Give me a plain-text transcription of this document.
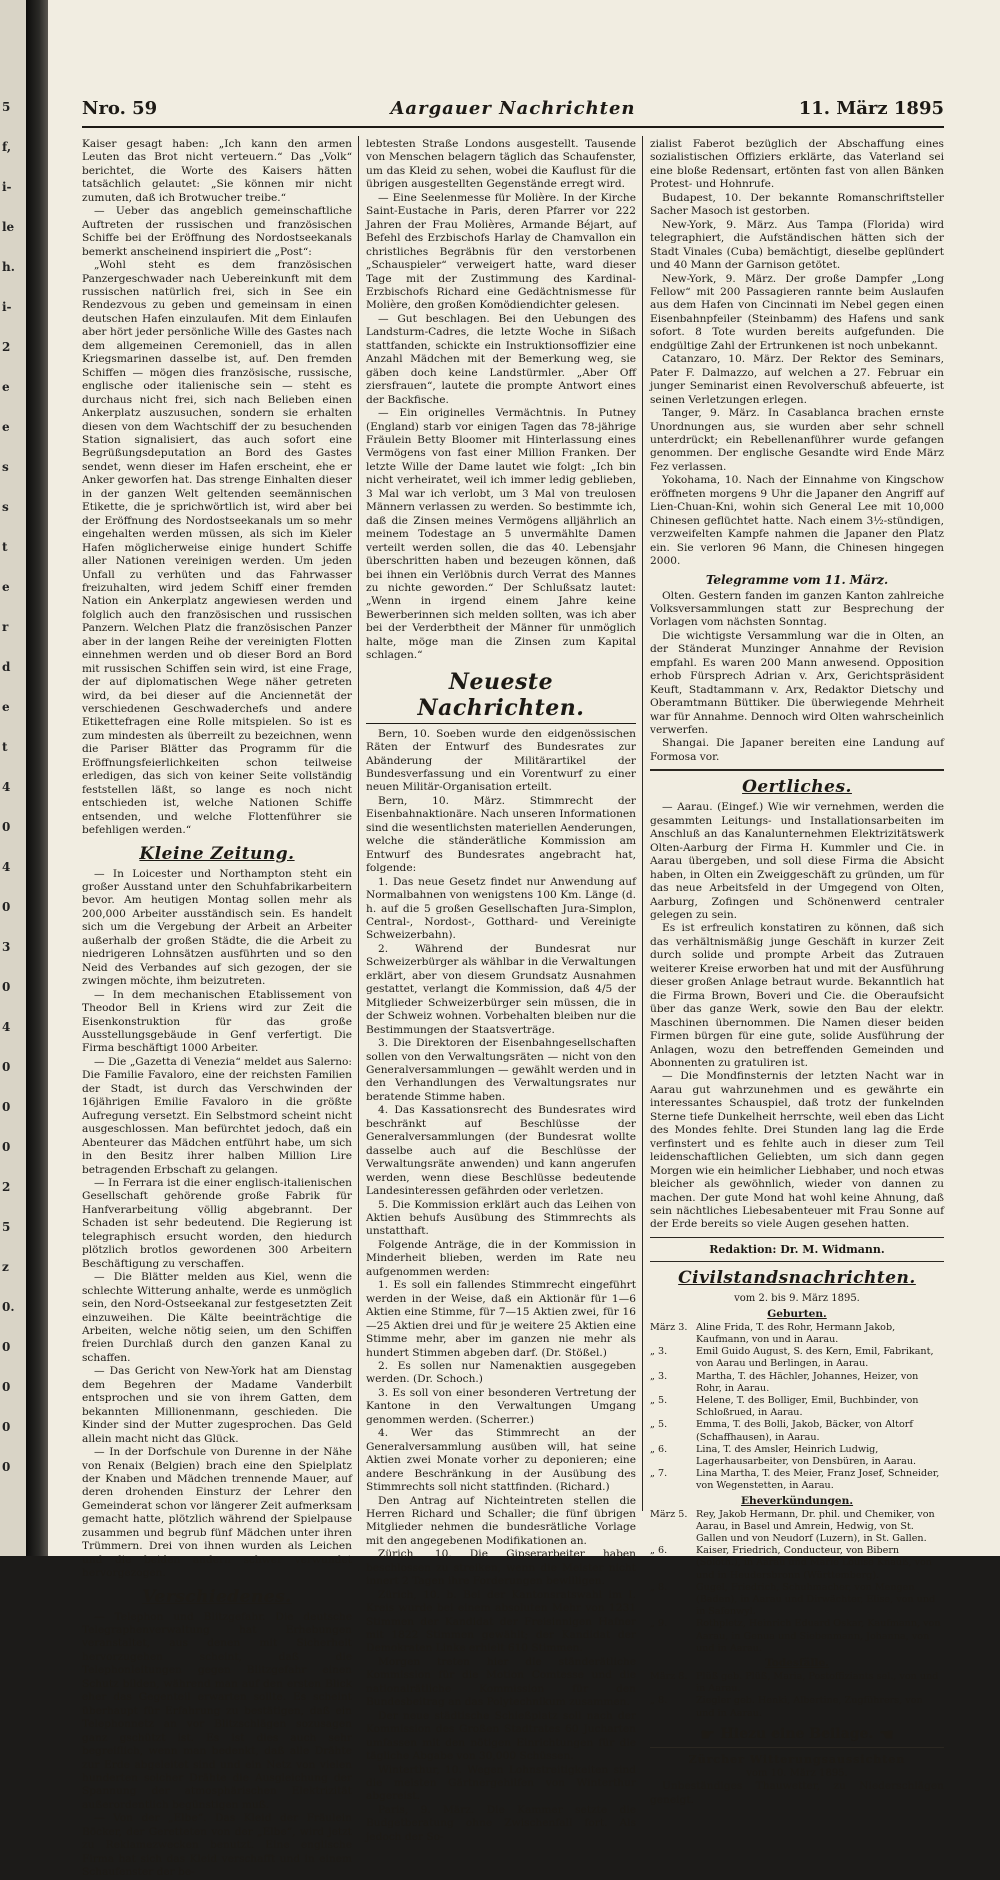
5
f,
i-
le
h.
i-
2
e
e
s
s
t
e
r
d
e
t
4
0
4
0
3
0
4
0
0
0
2
5
z
0.
0
0
0
0
Nro. 59	Aargauer Nachrichten	11. März 1895

Kaiser gesagt haben: „Ich kann den armen Leuten das Brot nicht verteuern.“ Das „Volk“ berichtet, die Worte des Kaisers hätten tatsächlich gelautet: „Sie können mir nicht zumuten, daß ich Brotwucher treibe.“

— Ueber das angeblich gemeinschaftliche Auftreten der russischen und französischen Schiffe bei der Eröffnung des Nordostseekanals bemerkt anscheinend inspiriert die „Post“:

„Wohl steht es dem französischen Panzergeschwader nach Uebereinkunft mit dem russischen natürlich frei, sich in See ein Rendezvous zu geben und gemeinsam in einen deutschen Hafen einzulaufen. Mit dem Einlaufen aber hört jeder persönliche Wille des Gastes nach dem allgemeinen Ceremoniell, das in allen Kriegsmarinen dasselbe ist, auf. Den fremden Schiffen — mögen dies französische, russische, englische oder italienische sein — steht es durchaus nicht frei, sich nach Belieben einen Ankerplatz auszusuchen, sondern sie erhalten diesen von dem Wachtschiff der zu besuchenden Station signalisiert, das auch sofort eine Begrüßungsdeputation an Bord des Gastes sendet, wenn dieser im Hafen erscheint, ehe er Anker geworfen hat. Das strenge Einhalten dieser in der ganzen Welt geltenden seemännischen Etikette, die je sprichwörtlich ist, wird aber bei der Eröffnung des Nordostseekanals um so mehr eingehalten werden müssen, als sich im Kieler Hafen möglicherweise einige hundert Schiffe aller Nationen vereinigen werden. Um jeden Unfall zu verhüten und das Fahrwasser freizuhalten, wird jedem Schiff einer fremden Nation ein Ankerplatz angewiesen werden und folglich auch den französischen und russischen Panzern. Welchen Platz die französischen Panzer aber in der langen Reihe der vereinigten Flotten einnehmen werden und ob dieser Bord an Bord mit russischen Schiffen sein wird, ist eine Frage, der auf diplomatischen Wege näher getreten wird, da bei dieser auf die Anciennetät der verschiedenen Geschwaderchefs und andere Etikettefragen eine Rolle mitspielen. So ist es zum mindesten als überreilt zu bezeichnen, wenn die Pariser Blätter das Programm für die Eröffnungsfeierlichkeiten schon teilweise erledigen, das sich von keiner Seite vollständig feststellen läßt, so lange es noch nicht entschieden ist, welche Nationen Schiffe entsenden, und welche Flottenführer sie befehligen werden.“

Kleine Zeitung.

— In Loicester und Northampton steht ein großer Ausstand unter den Schuhfabrikarbeitern bevor. Am heutigen Montag sollen mehr als 200,000 Arbeiter ausständisch sein. Es handelt sich um die Vergebung der Arbeit an Arbeiter außerhalb der großen Städte, die die Arbeit zu niedrigeren Lohnsätzen ausführten und so den Neid des Verbandes auf sich gezogen, der sie zwingen möchte, ihm beizutreten.

— In dem mechanischen Etablissement von Theodor Bell in Kriens wird zur Zeit die Eisenkonstruktion für das große Ausstellungsgebäude in Genf verfertigt. Die Firma beschäftigt 1000 Arbeiter.

— Die „Gazetta di Venezia“ meldet aus Salerno: Die Familie Favaloro, eine der reichsten Familien der Stadt, ist durch das Verschwinden der 16jährigen Emilie Favaloro in die größte Aufregung versetzt. Ein Selbstmord scheint nicht ausgeschlossen. Man befürchtet jedoch, daß ein Abenteurer das Mädchen entführt habe, um sich in den Besitz ihrer halben Million Lire betragenden Erbschaft zu gelangen.

— In Ferrara ist die einer englisch-italienischen Gesellschaft gehörende große Fabrik für Hanfverarbeitung völlig abgebrannt. Der Schaden ist sehr bedeutend. Die Regierung ist telegraphisch ersucht worden, den hiedurch plötzlich brotlos gewordenen 300 Arbeitern Beschäftigung zu verschaffen.

— Die Blätter melden aus Kiel, wenn die schlechte Witterung anhalte, werde es unmöglich sein, den Nord-Ostseekanal zur festgesetzten Zeit einzuweihen. Die Kälte beeinträchtige die Arbeiten, welche nötig seien, um den Schiffen freien Durchlaß durch den ganzen Kanal zu schaffen.

— Das Gericht von New-York hat am Dienstag dem Begehren der Madame Vanderbilt entsprochen und sie von ihrem Gatten, dem bekannten Millionenmann, geschieden. Die Kinder sind der Mutter zugesprochen. Das Geld allein macht nicht das Glück.

— In der Dorfschule von Durenne in der Nähe von Renaix (Belgien) brach eine den Spielplatz der Knaben und Mädchen trennende Mauer, auf deren drohenden Einsturz der Lehrer den Gemeinderat schon vor längerer Zeit aufmerksam gemacht hatte, plötzlich während der Spielpause zusammen und begrub fünf Mädchen unter ihren Trümmern. Drei von ihnen wurden als Leichen und die beiden andern schwer verwundet hervorgezogen.

Verschiedenes.

— Telephon und Blitzgefahr. Die deutsche Telegraphenverwaltung hat Erhebungen veranstaltet, aus denen mit Sicherheit hervorzugehen scheint, daß die Telephonleitungen gegen Blitzgefahr einen Schutz bilden, während man auf den ersten Blick eher das Gegenteil erwarten sollte. Es scheint überhaupt für Erfahrung zu bestätigen, daß ein Telephonnetz an vor Blitzschlägen sozusagen ganz gschützt ist. Es ist dies auch sehr begreiflich, wenn man bedenkt, daß alle Drähte zur Erde abgeleitet sind und ein Netz von vielen hunderten solcher Drähte die Ausgleichung der Spannung der atmosphärischen Elektrizität außerordentlich begünstigen muß.

— Von der „Elbe“. Das Kleid der Fräulein Böcker, der Geretteten von der „Elbe“, wird jetzt zu Reklamezwecken benutzt. Eine englische Firma hat sich das Kleid verschafft und in einem Schaufenster der be-

lebtesten Straße Londons ausgestellt. Tausende von Menschen belagern täglich das Schaufenster, um das Kleid zu sehen, wobei die Kauflust für die übrigen ausgestellten Gegenstände erregt wird.

— Eine Seelenmesse für Molière. In der Kirche Saint-Eustache in Paris, deren Pfarrer vor 222 Jahren der Frau Molières, Armande Béjart, auf Befehl des Erzbischofs Harlay de Chamvallon ein christliches Begräbnis für den verstorbenen „Schauspieler“ verweigert hatte, ward dieser Tage mit der Zustimmung des Kardinal-Erzbischofs Richard eine Gedächtnismesse für Molière, den großen Komödiendichter gelesen.

— Gut beschlagen. Bei den Uebungen des Landsturm-Cadres, die letzte Woche in Sißach stattfanden, schickte ein Instruktionsoffizier eine Anzahl Mädchen mit der Bemerkung weg, sie gäben doch keine Landstürmler. „Aber Off ziersfrauen“, lautete die prompte Antwort eines der Backfische.

— Ein originelles Vermächtnis. In Putney (England) starb vor einigen Tagen das 78-jährige Fräulein Betty Bloomer mit Hinterlassung eines Vermögens von fast einer Million Franken. Der letzte Wille der Dame lautet wie folgt: „Ich bin nicht verheiratet, weil ich immer ledig geblieben, 3 Mal war ich verlobt, um 3 Mal von treulosen Männern verlassen zu werden. So bestimmte ich, daß die Zinsen meines Vermögens alljährlich an meinem Todestage an 5 unvermählte Damen verteilt werden sollen, die das 40. Lebensjahr überschritten haben und bezeugen können, daß bei ihnen ein Verlöbnis durch Verrat des Mannes zu nichte geworden.“ Der Schlußsatz lautet: „Wenn in irgend einem Jahre keine Bewerberinnen sich melden sollten, was ich aber bei der Verderbtheit der Männer für unmöglich halte, möge man die Zinsen zum Kapital schlagen.“

Neueste Nachrichten.

Bern, 10. Soeben wurde den eidgenössischen Räten der Entwurf des Bundesrates zur Abänderung der Militärartikel der Bundesverfassung und ein Vorentwurf zu einer neuen Militär-Organisation erteilt.

Bern, 10. März. Stimmrecht der Eisenbahnaktionäre. Nach unseren Informationen sind die wesentlichsten materiellen Aenderungen, welche die ständerätliche Kommission am Entwurf des Bundesrates angebracht hat, folgende:

1. Das neue Gesetz findet nur Anwendung auf Normalbahnen von wenigstens 100 Km. Länge (d. h. auf die 5 großen Gesellschaften Jura-Simplon, Central-, Nordost-, Gotthard- und Vereinigte Schweizerbahn).

2. Während der Bundesrat nur Schweizerbürger als wählbar in die Verwaltungen erklärt, aber von diesem Grundsatz Ausnahmen gestattet, verlangt die Kommission, daß 4/5 der Mitglieder Schweizerbürger sein müssen, die in der Schweiz wohnen. Vorbehalten bleiben nur die Bestimmungen der Staatsverträge.

3. Die Direktoren der Eisenbahngesellschaften sollen von den Verwaltungsräten — nicht von den Generalversammlungen — gewählt werden und in den Verhandlungen des Verwaltungsrates nur beratende Stimme haben.

4. Das Kassationsrecht des Bundesrates wird beschränkt auf Beschlüsse der Generalversammlungen (der Bundesrat wollte dasselbe auch auf die Beschlüsse der Verwaltungsräte anwenden) und kann angerufen werden, wenn diese Beschlüsse bedeutende Landesinteressen gefährden oder verletzen.

5. Die Kommission erklärt auch das Leihen von Aktien behufs Ausübung des Stimmrechts als unstatthaft.

Folgende Anträge, die in der Kommission in Minderheit blieben, werden im Rate neu aufgenommen werden:

1. Es soll ein fallendes Stimmrecht eingeführt werden in der Weise, daß ein Aktionär für 1—6 Aktien eine Stimme, für 7—15 Aktien zwei, für 16—25 Aktien drei und für je weitere 25 Aktien eine Stimme mehr, aber im ganzen nie mehr als hundert Stimmen abgeben darf. (Dr. Stößel.)

2. Es sollen nur Namenaktien ausgegeben werden. (Dr. Schoch.)

3. Es soll von einer besonderen Vertretung der Kantone in den Verwaltungen Umgang genommen werden. (Scherrer.)

4. Wer das Stimmrecht an der Generalversammlung ausüben will, hat seine Aktien zwei Monate vorher zu deponieren; eine andere Beschränkung in der Ausübung des Stimmrechts soll nicht stattfinden. (Richard.)

Den Antrag auf Nichteintreten stellen die Herren Richard und Schaller; die fünf übrigen Mitglieder nehmen die bundesrätliche Vorlage mit den angegebenen Modifikationen an.

Zürich, 10. Die Gipserarbeiter haben beschlossen zu streiken, wenn die Meister nicht innert 2 Tagen ihre Forderungen bewilligen.

Zürich, 10. b. Bei der Kantonsratswahl im I. Kreis wurde bei einem absoluten Mehr von 1231 Stimmen der Kandidat der Freisinnigen Hafner mit 1822 Stimmen gewählt; der Kandidat der Demokraten Linke erhielt 610 Stimmen.

Morgen treten hier die ständerätliche Kommission für die Motion Comtesse und die nationalrätliche Kommission für den Bundesbeitrag an das Polytechnikum zusammen.

Der neue städtische Schießplatz soll nach der Kommission des Großen Stadtrates 60 Jucharten umfassen mit den nötigen Einrichtungen für die tägliche Abgabe von 30,000 Schüssen.

Winterthur, 10. Wegen Lohnstreitigkeiten sind die meisten Gärtnergehilfen von Winterthur abgereist.

Paris, 9. März. Die Kammer setzte die Budgetberatung ohne Zwischenfall fort. Als jedoch der So-

zialist Faberot bezüglich der Abschaffung eines sozialistischen Offiziers erklärte, das Vaterland sei eine bloße Redensart, ertönten fast von allen Bänken Protest- und Hohnrufe.

Budapest, 10. Der bekannte Romanschriftsteller Sacher Masoch ist gestorben.

New-York, 9. März. Aus Tampa (Florida) wird telegraphiert, die Aufständischen hätten sich der Stadt Vinales (Cuba) bemächtigt, dieselbe geplündert und 40 Mann der Garnison getötet.

New-York, 9. März. Der große Dampfer „Long Fellow“ mit 200 Passagieren rannte beim Auslaufen aus dem Hafen von Cincinnati im Nebel gegen einen Eisenbahnpfeiler (Steinbamm) des Hafens und sank sofort. 8 Tote wurden bereits aufgefunden. Die endgültige Zahl der Ertrunkenen ist noch unbekannt.

Catanzaro, 10. März. Der Rektor des Seminars, Pater F. Dalmazzo, auf welchen a 27. Februar ein junger Seminarist einen Revolverschuß abfeuerte, ist seinen Verletzungen erlegen.

Tanger, 9. März. In Casablanca brachen ernste Unordnungen aus, sie wurden aber sehr schnell unterdrückt; ein Rebellenanführer wurde gefangen genommen. Der englische Gesandte wird Ende März Fez verlassen.

Yokohama, 10. Nach der Einnahme von Kingschow eröffneten morgens 9 Uhr die Japaner den Angriff auf Lien-Chuan-Kni, wohin sich General Lee mit 10,000 Chinesen geflüchtet hatte. Nach einem 3½-stündigen, verzweifelten Kampfe nahmen die Japaner den Platz ein. Sie verloren 96 Mann, die Chinesen hingegen 2000.

Telegramme vom 11. März.

Olten. Gestern fanden im ganzen Kanton zahlreiche Volksversammlungen statt zur Besprechung der Vorlagen vom nächsten Sonntag.

Die wichtigste Versammlung war die in Olten, an der Ständerat Munzinger Annahme der Revision empfahl. Es waren 200 Mann anwesend. Opposition erhob Fürsprech Adrian v. Arx, Gerichtspräsident Keuft, Stadtammann v. Arx, Redaktor Dietschy und Oberamtmann Büttiker. Die überwiegende Mehrheit war für Annahme. Dennoch wird Olten wahrscheinlich verwerfen.

Shangai. Die Japaner bereiten eine Landung auf Formosa vor.

Oertliches.

— Aarau. (Eingef.) Wie wir vernehmen, werden die gesammten Leitungs- und Installationsarbeiten im Anschluß an das Kanalunternehmen Elektrizitätswerk Olten-Aarburg der Firma H. Kummler und Cie. in Aarau übergeben, und soll diese Firma die Absicht haben, in Olten ein Zweiggeschäft zu gründen, um für das neue Arbeitsfeld in der Umgegend von Olten, Aarburg, Zofingen und Schönenwerd centraler gelegen zu sein.

Es ist erfreulich konstatiren zu können, daß sich das verhältnismäßig junge Geschäft in kurzer Zeit durch solide und prompte Arbeit das Zutrauen weiterer Kreise erworben hat und mit der Ausführung dieser großen Anlage betraut wurde. Bekanntlich hat die Firma Brown, Boveri und Cie. die Oberaufsicht über das ganze Werk, sowie den Bau der elektr. Maschinen übernommen. Die Namen dieser beiden Firmen bürgen für eine gute, solide Ausführung der Anlagen, wozu den betreffenden Gemeinden und Abonnenten zu gratuliren ist.

— Die Mondfinsternis der letzten Nacht war in Aarau gut wahrzunehmen und es gewährte ein interessantes Schauspiel, daß trotz der funkelnden Sterne tiefe Dunkelheit herrschte, weil eben das Licht des Mondes fehlte. Drei Stunden lang lag die Erde verfinstert und es fehlte auch in dieser zum Teil leidenschaftlichen Geliebten, um sich dann gegen Morgen wie ein heimlicher Liebhaber, und noch etwas bleicher als gewöhnlich, wieder von dannen zu machen. Der gute Mond hat wohl keine Ahnung, daß sein nächtliches Liebesabenteuer mit Frau Sonne auf der Erde bereits so viele Augen gesehen hatten.

Redaktion: Dr. M. Widmann.
Civilstandsnachrichten.
vom 2. bis 9. März 1895.
Geburten.
März 3. Aline Frida, T. des Rohr, Hermann Jakob, Kaufmann, von und in Aarau.
„ 3.	Emil Guido August, S. des Kern, Emil, Fabrikant, von Aarau und Berlingen, in Aarau.
„ 3.	Martha, T. des Hächler, Johannes, Heizer, von Rohr, in Aarau.
„ 5.	Helene, T. des Bolliger, Emil, Buchbinder, von Schloßrued, in Aarau.
„ 5.	Emma, T. des Bolli, Jakob, Bäcker, von Altorf (Schaffhausen), in Aarau.
„ 6.	Lina, T. des Amsler, Heinrich Ludwig, Lagerhausarbeiter, von Densbüren, in Aarau.
„ 7.	Lina Martha, T. des Meier, Franz Josef, Schneider, von Wegenstetten, in Aarau.
Eheverkündungen.
März 5. Rey, Jakob Hermann, Dr. phil. und Chemiker, von Aarau, in Basel und Amrein, Hedwig, von St. Gallen und von Neudorf (Luzern), in St. Gallen.
„ 6.	Kaiser, Friedrich, Conducteur, von Bibern (Soloth.), in Aarau und Marie Louise Knauß, von und in Heudersbronn (Württemberg).
„ 8.	Gugel, Friedrich, Schuhmacher, von Mengen (Baden), in Aarau und Dirwächter, Elise, von und in Safenwyl.
„ 9.	Rothpletz, Heinrich Eduard Oskar, Kaufmann, von Aarau, in Genua und Siebenmann, Johanna, von und in Aarau.
Todesfälle.
März 8. Plüß geb. Plüß, Maria, Postoffiziants sel., von und in Aarau.
„ 8.	Ziegler geb. Henki, Albertine, Zugführers, von und in Aarau.
☛ Hiezu eine Beilage. ☚
Zürcher Witterungsaussichten
vom 10. März 1895.

Unbeständiges Thauwetter, zu Niederschlägen geneigt.
